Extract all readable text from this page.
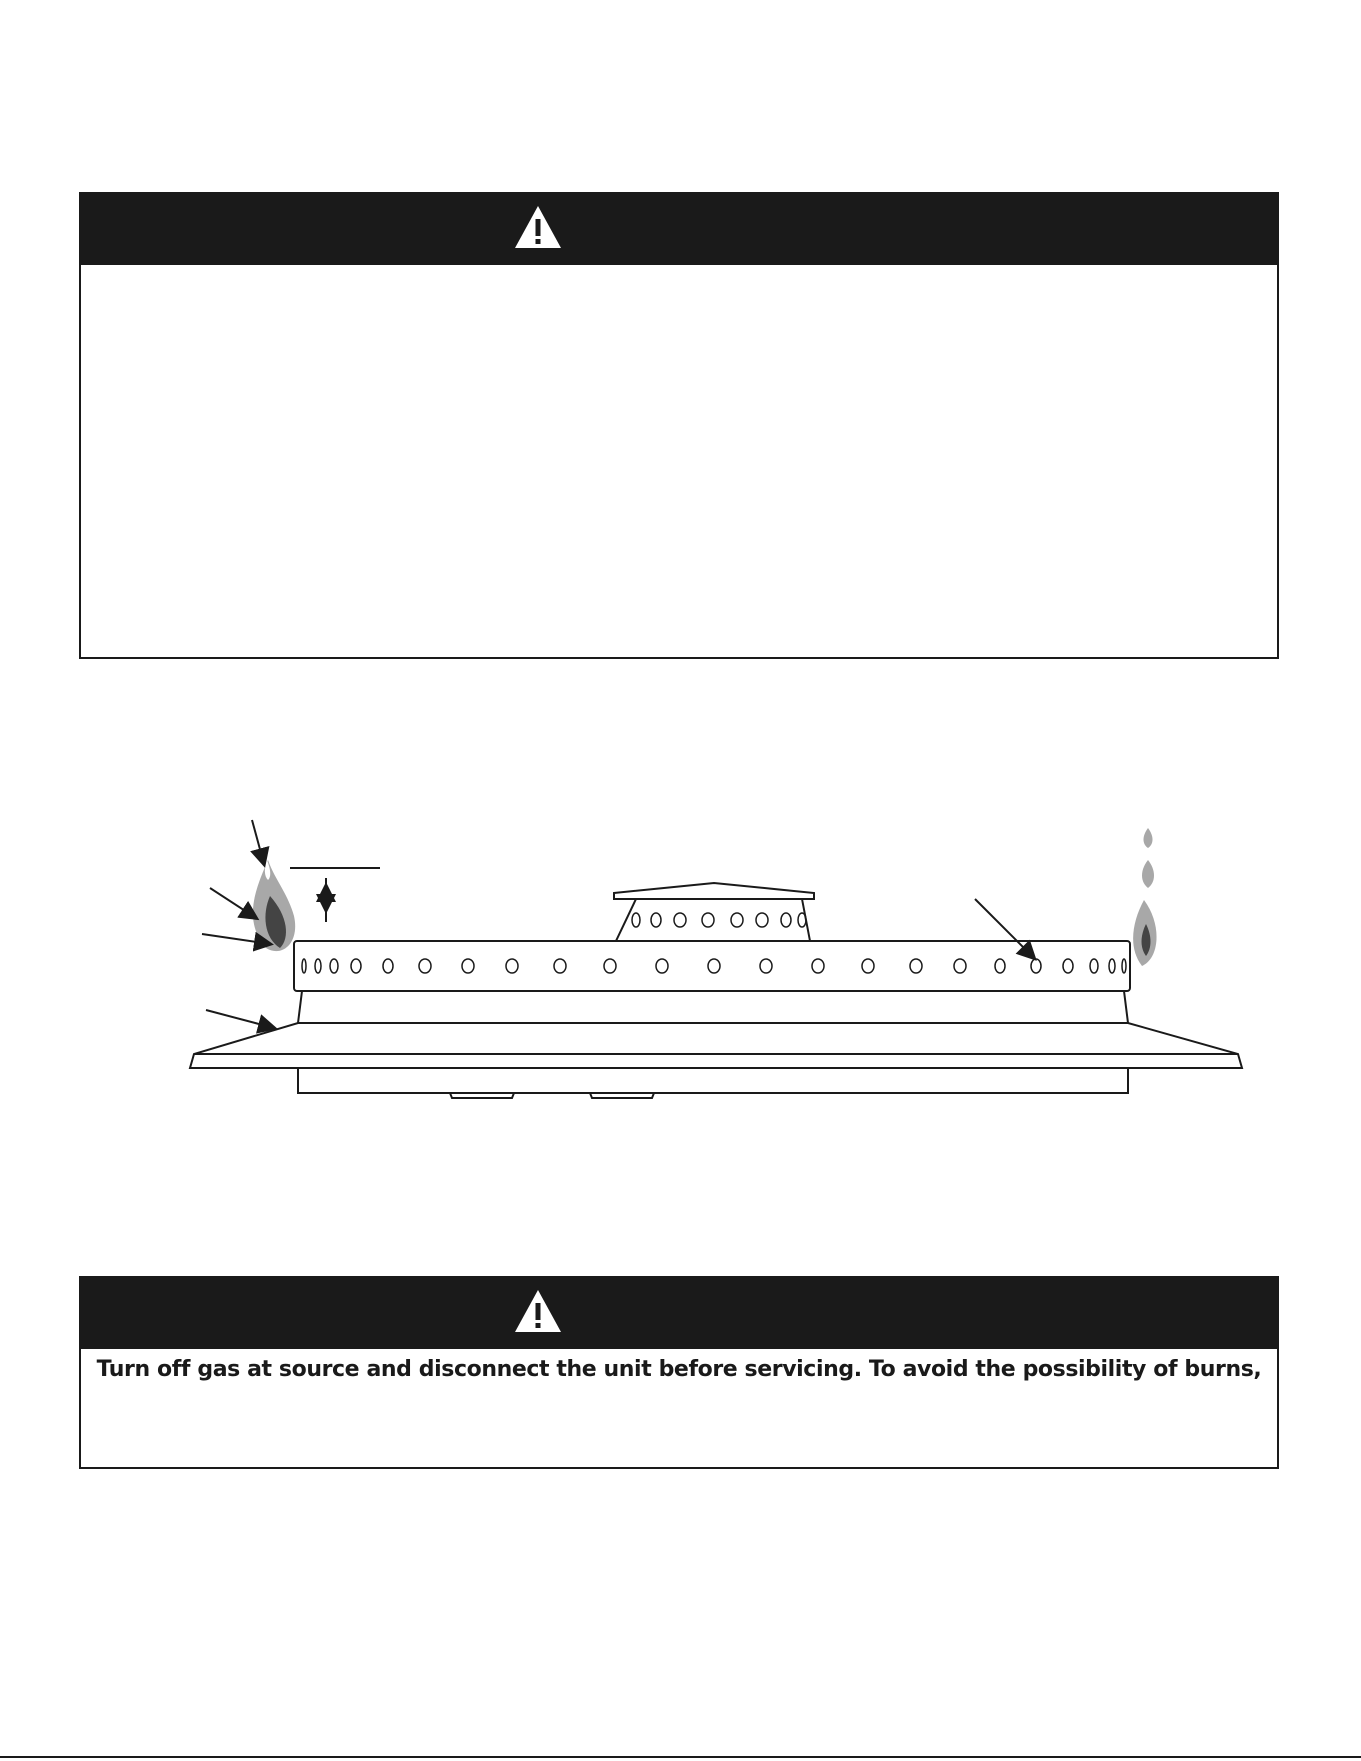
Turn off gas at source and disconnect the unit before servicing. To avoid the possibility of burns,
